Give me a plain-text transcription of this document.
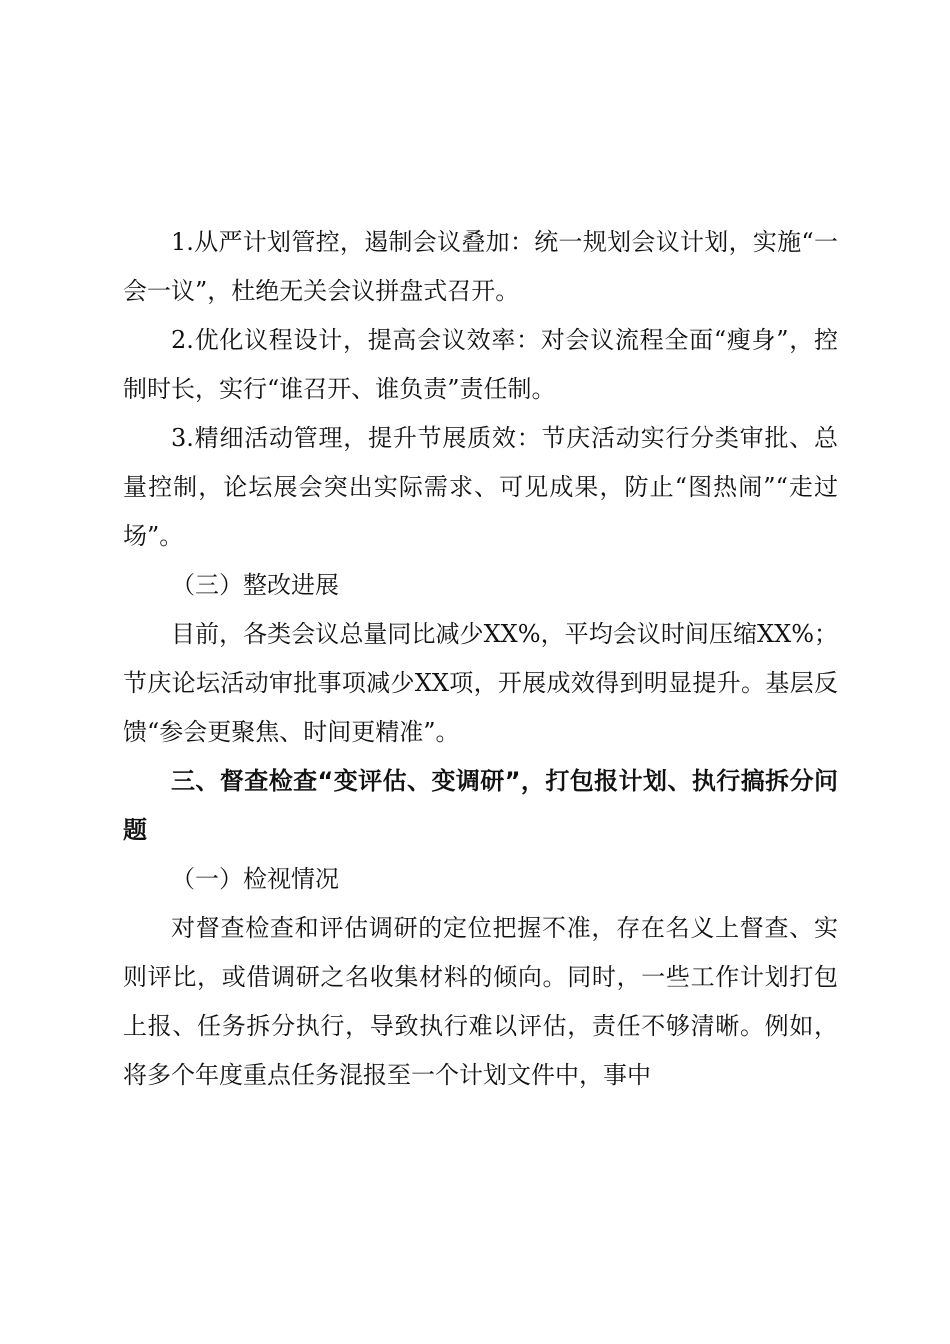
1.从严计划管控，遏制会议叠加：统一规划会议计划，实施“一会一议”，杜绝无关会议拼盘式召开。

2.优化议程设计，提高会议效率：对会议流程全面“瘦身”，控制时长，实行“谁召开、谁负责”责任制。

3.精细活动管理，提升节展质效：节庆活动实行分类审批、总量控制，论坛展会突出实际需求、可见成果，防止“图热闹”“走过场”。

（三）整改进展

目前，各类会议总量同比减少XX%，平均会议时间压缩XX%；节庆论坛活动审批事项减少XX项，开展成效得到明显提升。基层反馈“参会更聚焦、时间更精准”。

三、督查检查“变评估、变调研”，打包报计划、执行搞拆分问题

（一）检视情况

对督查检查和评估调研的定位把握不准，存在名义上督查、实则评比，或借调研之名收集材料的倾向。同时，一些工作计划打包上报、任务拆分执行，导致执行难以评估，责任不够清晰。例如，将多个年度重点任务混报至一个计划文件中，事中
